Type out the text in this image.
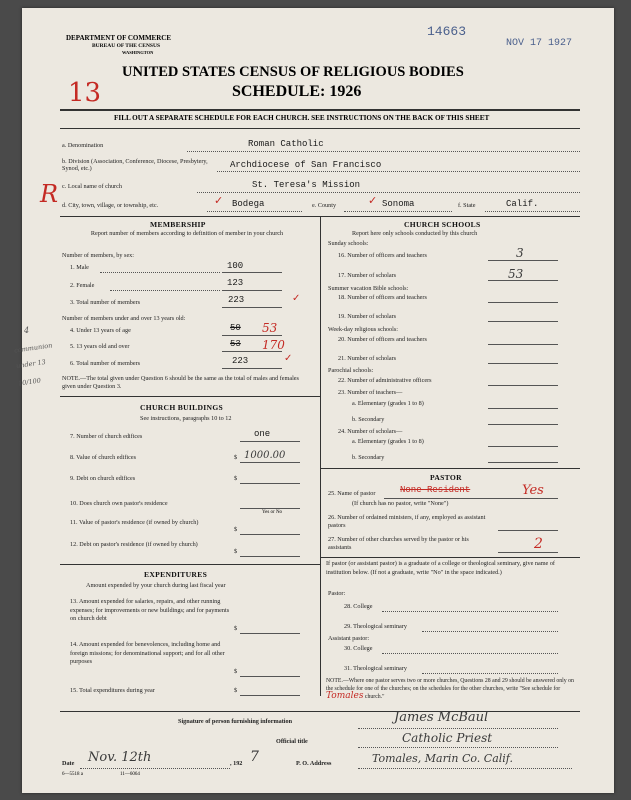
DEPARTMENT OF COMMERCE
BUREAU OF THE CENSUS
WASHINGTON
14663
NOV 17 1927
UNITED STATES CENSUS OF RELIGIOUS BODIES
SCHEDULE: 1926
13
FILL OUT A SEPARATE SCHEDULE FOR EACH CHURCH. SEE INSTRUCTIONS ON THE BACK OF THIS SHEET
a. Denomination	Roman Catholic
b. Division (Association, Conference, Diocese, Presbytery, Synod, etc.)	Archdiocese of San Francisco
c. Local name of church	St. Teresa's Mission
R d. City, town, village, or township, etc.	Bodega
✓	e. County	Sonoma
✓	f. State	Calif.
MEMBERSHIP
Report number of members according to definition of member in your church
Number of members, by sex:
1. Male	100
2. Female	123
3. Total number of members	223	✓
Number of members under and over 13 years old:
4. Under 13 years of age	50 53
5. 13 years old and over	53 170
6. Total number of members	223	✓
NOTE.—The total given under Question 6 should be the same as the total of males and females given under Question 3.
4
communion
under 13
10/100
CHURCH BUILDINGS
See instructions, paragraphs 10 to 12
7. Number of church edifices	one
8. Value of church edifices	$ 1000.00
9. Debt on church edifices	$
10. Does church own pastor's residence
Yes or No
11. Value of pastor's residence (if owned by church)
$
12. Debt on pastor's residence (if owned by church)
$
EXPENDITURES
Amount expended by your church during last fiscal year
13. Amount expended for salaries, repairs, and other running expenses; for improvements or new buildings; and for payments on church debt
$
14. Amount expended for benevolences, including home and foreign missions; for denominational support; and for all other purposes
$
15. Total expenditures during year	$
CHURCH SCHOOLS
Report here only schools conducted by this church
Sunday schools:
16. Number of officers and teachers	3
17. Number of scholars	53
Summer vacation Bible schools:
18. Number of officers and teachers
19. Number of scholars
Week-day religious schools:
20. Number of officers and teachers
21. Number of scholars
Parochial schools:
22. Number of administrative officers
23. Number of teachers—
a. Elementary (grades 1 to 8)
b. Secondary
24. Number of scholars—
a. Elementary (grades 1 to 8)
b. Secondary
PASTOR
25. Name of pastor	None Resident	Yes
(If church has no pastor, write "None")
26. Number of ordained ministers, if any, employed as assistant pastors
27. Number of other churches served by the pastor or his assistants	2
If pastor (or assistant pastor) is a graduate of a college or theological seminary, give name of institution below. (If not a graduate, write "No" in the space indicated.)
Pastor:
28. College
29. Theological seminary
Assistant pastor:
30. College
31. Theological seminary
NOTE.—Where one pastor serves two or more churches, Questions 28 and 29 should be answered only on the schedule for one of the churches; on the schedules for the other churches, write "See schedule for Tomales church."
Signature of person furnishing information	James McBaul
Official title	Catholic Priest
Date Nov. 12th	, 192 7	P. O. Address	Tomales, Marin Co. Calif.
6—5518 a	11—6064
